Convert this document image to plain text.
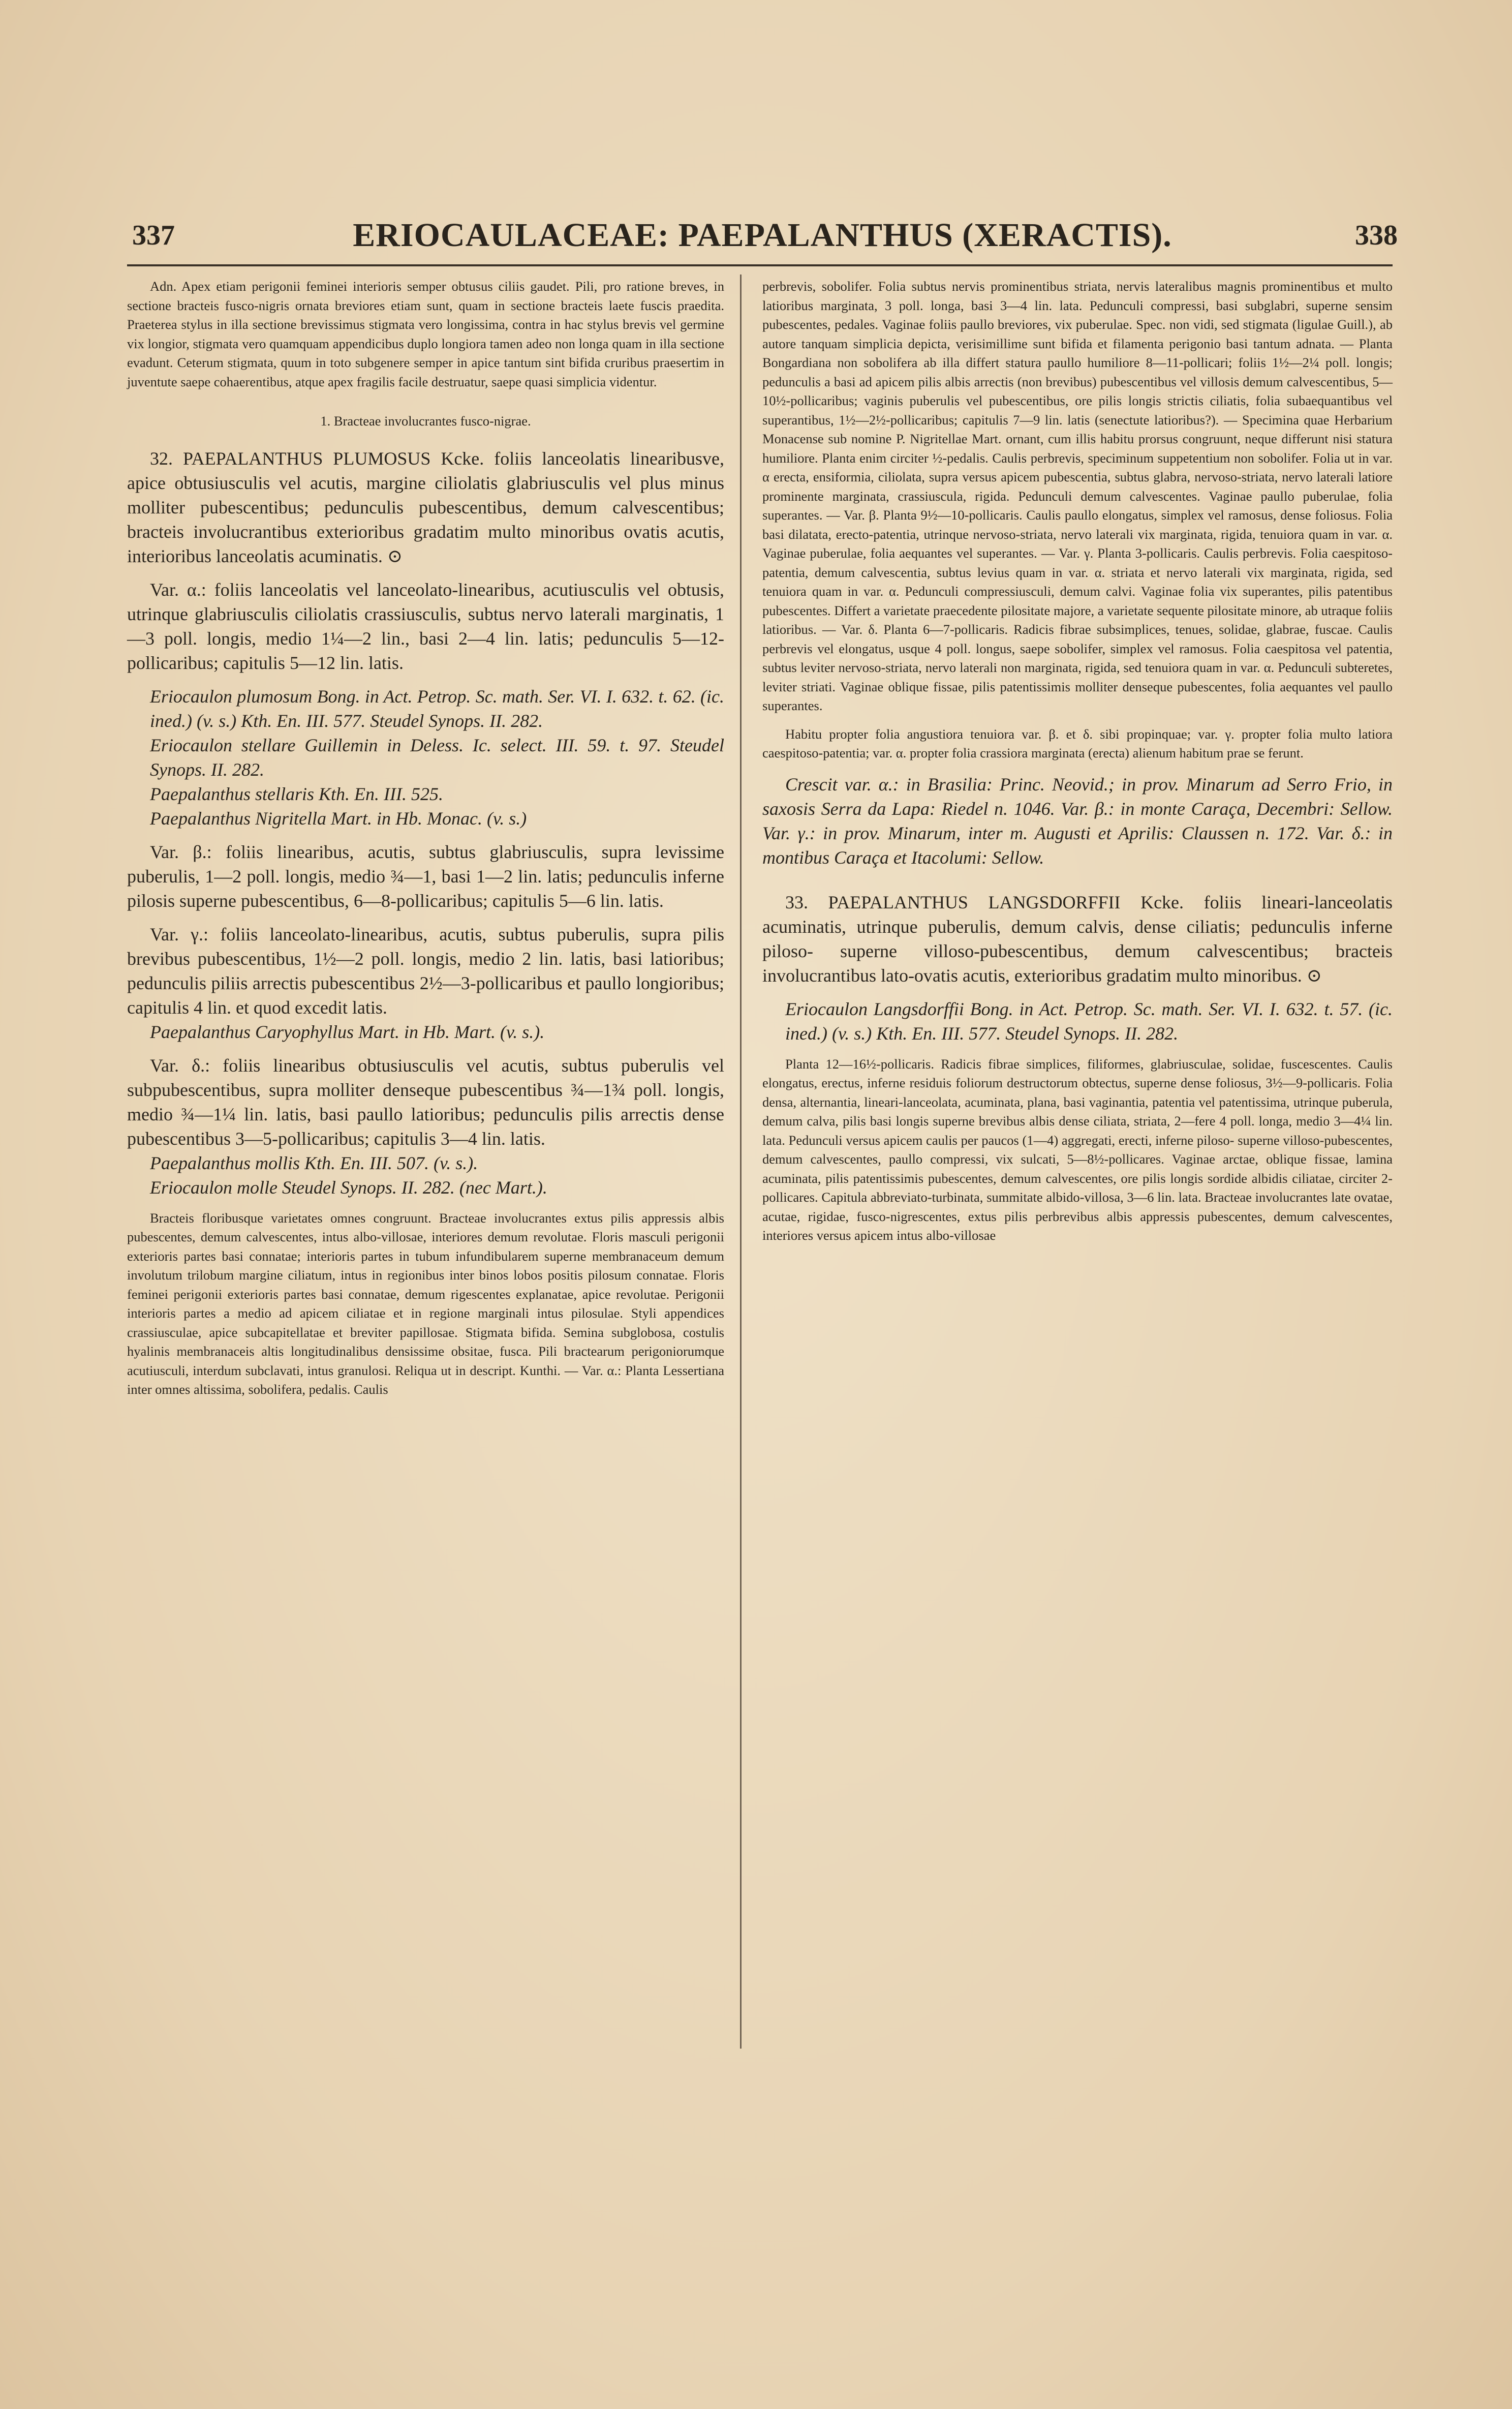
337	ERIOCAULACEAE: PAEPALANTHUS (XERACTIS).	338

Adn. Apex etiam perigonii feminei interioris semper obtusus ciliis gaudet. Pili, pro ratione breves, in sectione bracteis fusco-nigris ornata breviores etiam sunt, quam in sectione bracteis laete fuscis praedita. Praeterea stylus in illa sectione brevissimus stigmata vero longissima, contra in hac stylus brevis vel germine vix longior, stigmata vero quamquam appendicibus duplo longiora tamen adeo non longa quam in illa sectione evadunt. Ceterum stigmata, quum in toto subgenere semper in apice tantum sint bifida cruribus praesertim in juventute saepe cohaerentibus, atque apex fragilis facile destruatur, saepe quasi simplicia videntur.

1. Bracteae involucrantes fusco-nigrae.

32. PAEPALANTHUS PLUMOSUS Kcke. foliis lanceolatis linearibusve, apice obtusiusculis vel acutis, margine ciliolatis glabriusculis vel plus minus molliter pubescentibus; pedunculis pubescentibus, demum calvescentibus; bracteis involucrantibus exterioribus gradatim multo minoribus ovatis acutis, interioribus lanceolatis acuminatis. ⊙

Var. α.: foliis lanceolatis vel lanceolato-linearibus, acutiusculis vel obtusis, utrinque glabriusculis ciliolatis crassiusculis, subtus nervo laterali marginatis, 1—3 poll. longis, medio 1¼—2 lin., basi 2—4 lin. latis; pedunculis 5—12-pollicaribus; capitulis 5—12 lin. latis.

Eriocaulon plumosum Bong. in Act. Petrop. Sc. math. Ser. VI. I. 632. t. 62. (ic. ined.) (v. s.) Kth. En. III. 577. Steudel Synops. II. 282.

Eriocaulon stellare Guillemin in Deless. Ic. select. III. 59. t. 97. Steudel Synops. II. 282.

Paepalanthus stellaris Kth. En. III. 525.

Paepalanthus Nigritella Mart. in Hb. Monac. (v. s.)

Var. β.: foliis linearibus, acutis, subtus glabriusculis, supra levissime puberulis, 1—2 poll. longis, medio ¾—1, basi 1—2 lin. latis; pedunculis inferne pilosis superne pubescentibus, 6—8-pollicaribus; capitulis 5—6 lin. latis.

Var. γ.: foliis lanceolato-linearibus, acutis, subtus puberulis, supra pilis brevibus pubescentibus, 1½—2 poll. longis, medio 2 lin. latis, basi latioribus; pedunculis piliis arrectis pubescentibus 2½—3-pollicaribus et paullo longioribus; capitulis 4 lin. et quod excedit latis.

Paepalanthus Caryophyllus Mart. in Hb. Mart. (v. s.).

Var. δ.: foliis linearibus obtusiusculis vel acutis, subtus puberulis vel subpubescentibus, supra molliter denseque pubescentibus ¾—1¾ poll. longis, medio ¾—1¼ lin. latis, basi paullo latioribus; pedunculis pilis arrectis dense pubescentibus 3—5-pollicaribus; capitulis 3—4 lin. latis.

Paepalanthus mollis Kth. En. III. 507. (v. s.).

Eriocaulon molle Steudel Synops. II. 282. (nec Mart.).

Bracteis floribusque varietates omnes congruunt. Bracteae involucrantes extus pilis appressis albis pubescentes, demum calvescentes, intus albo-villosae, interiores demum revolutae. Floris masculi perigonii exterioris partes basi connatae; interioris partes in tubum infundibularem superne membranaceum demum involutum trilobum margine ciliatum, intus in regionibus inter binos lobos positis pilosum connatae. Floris feminei perigonii exterioris partes basi connatae, demum rigescentes explanatae, apice revolutae. Perigonii interioris partes a medio ad apicem ciliatae et in regione marginali intus pilosulae. Styli appendices crassiusculae, apice subcapitellatae et breviter papillosae. Stigmata bifida. Semina subglobosa, costulis hyalinis membranaceis altis longitudinalibus densissime obsitae, fusca. Pili bractearum perigoniorumque acutiusculi, interdum subclavati, intus granulosi. Reliqua ut in descript. Kunthi. — Var. α.: Planta Lessertiana inter omnes altissima, sobolifera, pedalis. Caulis

perbrevis, sobolifer. Folia subtus nervis prominentibus striata, nervis lateralibus magnis prominentibus et multo latioribus marginata, 3 poll. longa, basi 3—4 lin. lata. Pedunculi compressi, basi subglabri, superne sensim pubescentes, pedales. Vaginae foliis paullo breviores, vix puberulae. Spec. non vidi, sed stigmata (ligulae Guill.), ab autore tanquam simplicia depicta, verisimillime sunt bifida et filamenta perigonio basi tantum adnata. — Planta Bongardiana non sobolifera ab illa differt statura paullo humiliore 8—11-pollicari; foliis 1½—2¼ poll. longis; pedunculis a basi ad apicem pilis albis arrectis (non brevibus) pubescentibus vel villosis demum calvescentibus, 5—10½-pollicaribus; vaginis puberulis vel pubescentibus, ore pilis longis strictis ciliatis, folia subaequantibus vel superantibus, 1½—2½-pollicaribus; capitulis 7—9 lin. latis (senectute latioribus?). — Specimina quae Herbarium Monacense sub nomine P. Nigritellae Mart. ornant, cum illis habitu prorsus congruunt, neque differunt nisi statura humiliore. Planta enim circiter ½-pedalis. Caulis perbrevis, speciminum suppetentium non sobolifer. Folia ut in var. α erecta, ensiformia, ciliolata, supra versus apicem pubescentia, subtus glabra, nervoso-striata, nervo laterali latiore prominente marginata, crassiuscula, rigida. Pedunculi demum calvescentes. Vaginae paullo puberulae, folia superantes. — Var. β. Planta 9½—10-pollicaris. Caulis paullo elongatus, simplex vel ramosus, dense foliosus. Folia basi dilatata, erecto-patentia, utrinque nervoso-striata, nervo laterali vix marginata, rigida, tenuiora quam in var. α. Vaginae puberulae, folia aequantes vel superantes. — Var. γ. Planta 3-pollicaris. Caulis perbrevis. Folia caespitoso-patentia, demum calvescentia, subtus levius quam in var. α. striata et nervo laterali vix marginata, rigida, sed tenuiora quam in var. α. Pedunculi compressiusculi, demum calvi. Vaginae folia vix superantes, pilis patentibus pubescentes. Differt a varietate praecedente pilositate majore, a varietate sequente pilositate minore, ab utraque foliis latioribus. — Var. δ. Planta 6—7-pollicaris. Radicis fibrae subsimplices, tenues, solidae, glabrae, fuscae. Caulis perbrevis vel elongatus, usque 4 poll. longus, saepe sobolifer, simplex vel ramosus. Folia caespitosa vel patentia, subtus leviter nervoso-striata, nervo laterali non marginata, rigida, sed tenuiora quam in var. α. Pedunculi subteretes, leviter striati. Vaginae oblique fissae, pilis patentissimis molliter denseque pubescentes, folia aequantes vel paullo superantes.

Habitu propter folia angustiora tenuiora var. β. et δ. sibi propinquae; var. γ. propter folia multo latiora caespitoso-patentia; var. α. propter folia crassiora marginata (erecta) alienum habitum prae se ferunt.

Crescit var. α.: in Brasilia: Princ. Neovid.; in prov. Minarum ad Serro Frio, in saxosis Serra da Lapa: Riedel n. 1046. Var. β.: in monte Caraça, Decembri: Sellow. Var. γ.: in prov. Minarum, inter m. Augusti et Aprilis: Claussen n. 172. Var. δ.: in montibus Caraça et Itacolumi: Sellow.

33. PAEPALANTHUS LANGSDORFFII Kcke. foliis lineari-lanceolatis acuminatis, utrinque puberulis, demum calvis, dense ciliatis; pedunculis inferne piloso- superne villoso-pubescentibus, demum calvescentibus; bracteis involucrantibus lato-ovatis acutis, exterioribus gradatim multo minoribus. ⊙

Eriocaulon Langsdorffii Bong. in Act. Petrop. Sc. math. Ser. VI. I. 632. t. 57. (ic. ined.) (v. s.) Kth. En. III. 577. Steudel Synops. II. 282.

Planta 12—16½-pollicaris. Radicis fibrae simplices, filiformes, glabriusculae, solidae, fuscescentes. Caulis elongatus, erectus, inferne residuis foliorum destructorum obtectus, superne dense foliosus, 3½—9-pollicaris. Folia densa, alternantia, lineari-lanceolata, acuminata, plana, basi vaginantia, patentia vel patentissima, utrinque puberula, demum calva, pilis basi longis superne brevibus albis dense ciliata, striata, 2—fere 4 poll. longa, medio 3—4¼ lin. lata. Pedunculi versus apicem caulis per paucos (1—4) aggregati, erecti, inferne piloso- superne villoso-pubescentes, demum calvescentes, paullo compressi, vix sulcati, 5—8½-pollicares. Vaginae arctae, oblique fissae, lamina acuminata, pilis patentissimis pubescentes, demum calvescentes, ore pilis longis sordide albidis ciliatae, circiter 2-pollicares. Capitula abbreviato-turbinata, summitate albido-villosa, 3—6 lin. lata. Bracteae involucrantes late ovatae, acutae, rigidae, fusco-nigrescentes, extus pilis perbrevibus albis appressis pubescentes, demum calvescentes, interiores versus apicem intus albo-villosae
